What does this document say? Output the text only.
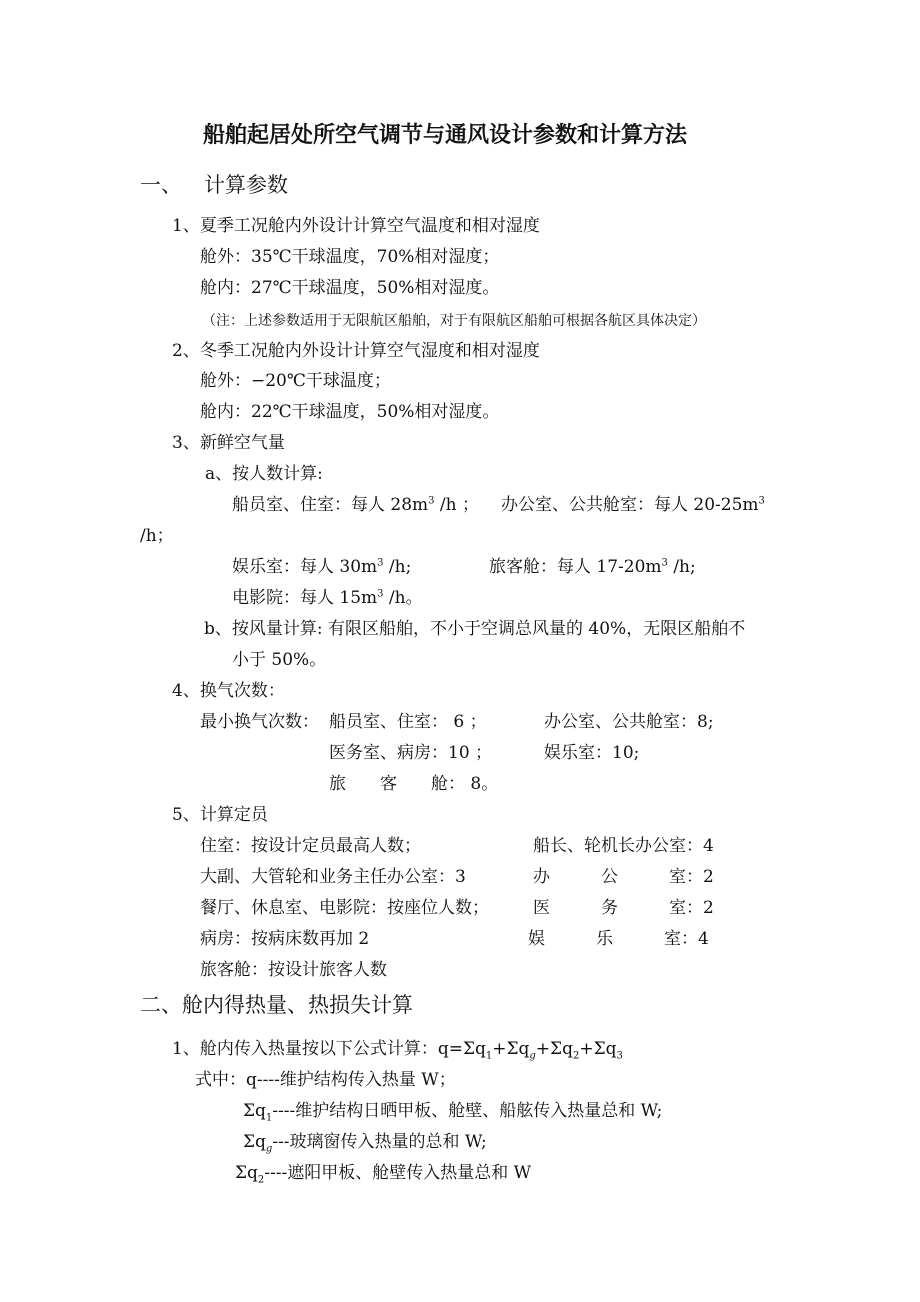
船舶起居处所空气调节与通风设计参数和计算方法
一、 计算参数
1、夏季工况舱内外设计计算空气温度和相对湿度
舱外：35℃干球温度，70%相对湿度；
舱内：27℃干球温度，50%相对湿度。
（注：上述参数适用于无限航区船舶，对于有限航区船舶可根据各航区具体决定）
2、冬季工况舱内外设计计算空气湿度和相对湿度
舱外：−20℃干球温度；
舱内：22℃干球温度，50%相对湿度。
3、新鲜空气量
a、按人数计算:
船员室、住室：每人 $28m^3$ /h ； 办公室、公共舱室：每人 $20-25m^3$
/h；
娱乐室：每人 $30m^3$ /h;	旅客舱：每人 $17-20m^3$ /h;
电影院：每人 $15m^3$ /h。
b、按风量计算: 有限区船舶，不小于空调总风量的 40%，无限区船舶不
小于 50%。
4、换气次数：
最小换气次数： 船员室、住室： 6 ；	办公室、公共舱室：8;
医务室、病房：10 ；	娱乐室：10;
旅　　客　　舱： 8。
5、计算定员
住室：按设计定员最高人数；	船长、轮机长办公室：4
大副、大管轮和业务主任办公室：3	办　　　公　　　室：2
餐厅、休息室、电影院：按座位人数；	医　　　务　　　室：2
病房：按病床数再加 2	娱　　　乐　　　室：4
旅客舱：按设计旅客人数
二、舱内得热量、热损失计算
1、舱内传入热量按以下公式计算：$q=\Sigma q_1+\Sigma q_g+\Sigma q_2+\Sigma q_3$
式中：q----维护结构传入热量 W；
$\Sigma q_1----$维护结构日晒甲板、舱壁、船舷传入热量总和 W;
$\Sigma q_g---$玻璃窗传入热量的总和 W;
$\Sigma q_2----$遮阳甲板、舱壁传入热量总和 W
